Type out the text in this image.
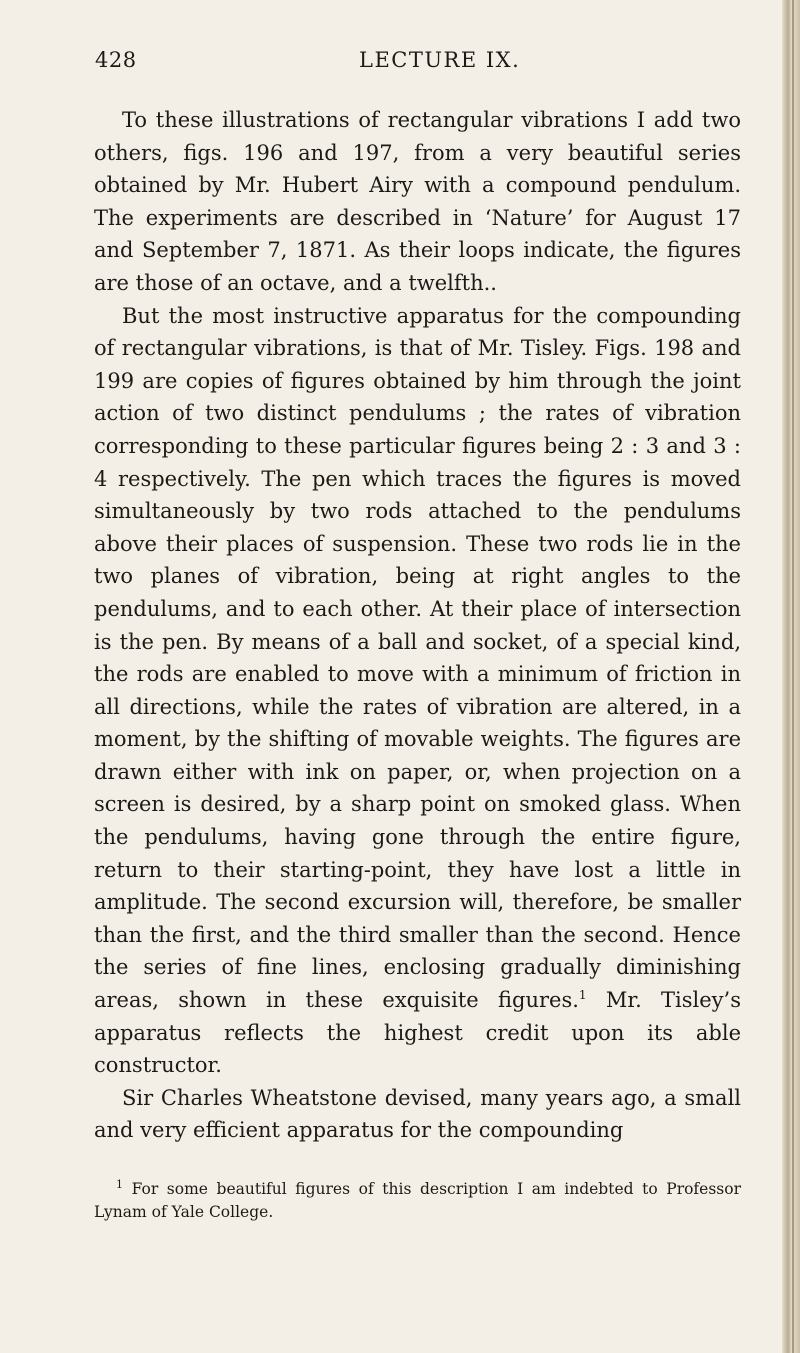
428	LECTURE IX.

To these illustrations of rectangular vibrations I add two others, figs. 196 and 197, from a very beautiful series obtained by Mr. Hubert Airy with a compound pendulum. The experiments are described in ‘Nature’ for August 17 and September 7, 1871. As their loops indicate, the figures are those of an octave, and a twelfth..

But the most instructive apparatus for the compounding of rectangular vibrations, is that of Mr. Tisley. Figs. 198 and 199 are copies of figures obtained by him through the joint action of two distinct pendulums ; the rates of vibration corresponding to these particular figures being 2 : 3 and 3 : 4 respectively. The pen which traces the figures is moved simultaneously by two rods attached to the pendulums above their places of suspension. These two rods lie in the two planes of vibration, being at right angles to the pendulums, and to each other. At their place of intersection is the pen. By means of a ball and socket, of a special kind, the rods are enabled to move with a minimum of friction in all directions, while the rates of vibration are altered, in a moment, by the shifting of movable weights. The figures are drawn either with ink on paper, or, when projection on a screen is desired, by a sharp point on smoked glass. When the pendulums, having gone through the entire figure, return to their starting-point, they have lost a little in amplitude. The second excursion will, therefore, be smaller than the first, and the third smaller than the second. Hence the series of fine lines, enclosing gradually diminishing areas, shown in these exquisite figures.$^1$ Mr. Tisley’s apparatus reflects the highest credit upon its able constructor.

Sir Charles Wheatstone devised, many years ago, a small and very efficient apparatus for the compounding

$^1$ For some beautiful figures of this description I am indebted to Professor Lynam of Yale College.
